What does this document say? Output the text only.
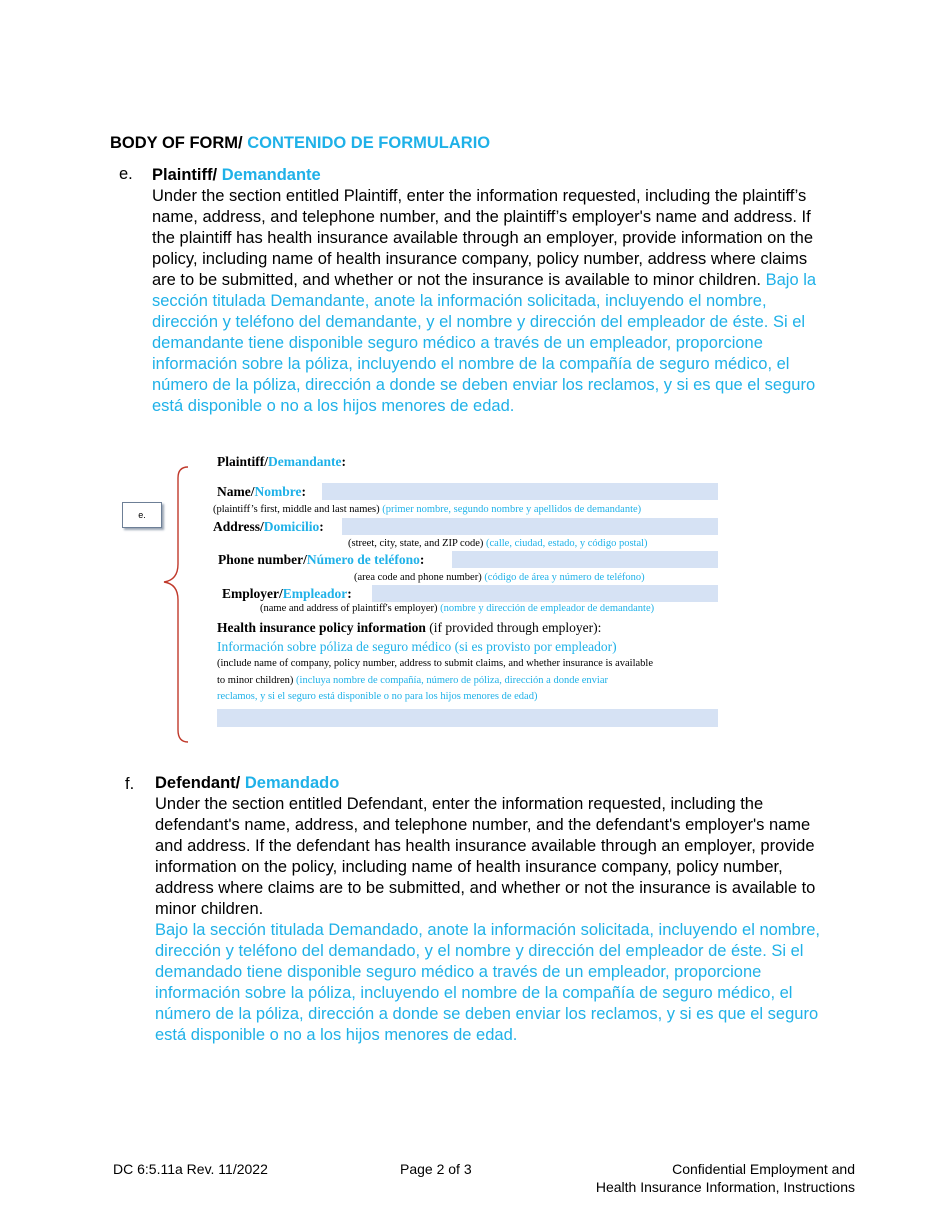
BODY OF FORM/ CONTENIDO DE FORMULARIO
e. Plaintiff/ Demandante

Under the section entitled Plaintiff, enter the information requested, including the plaintiff’s name, address, and telephone number, and the plaintiff’s employer's name and address. If the plaintiff has health insurance available through an employer, provide information on the policy, including name of health insurance company, policy number, address where claims are to be submitted, and whether or not the insurance is available to minor children. Bajo la sección titulada Demandante, anote la información solicitada, incluyendo el nombre, dirección y teléfono del demandante, y el nombre y dirección del empleador de éste. Si el demandante tiene disponible seguro médico a través de un empleador, proporcione información sobre la póliza, incluyendo el nombre de la compañía de seguro médico, el número de la póliza, dirección a donde se deben enviar los reclamos, y si es que el seguro está disponible o no a los hijos menores de edad.

e.
Plaintiff/Demandante:
Name/Nombre:
(plaintiff’s first, middle and last names) (primer nombre, segundo nombre y apellidos de demandante)
Address/Domicilio:
(street, city, state, and ZIP code) (calle, ciudad, estado, y código postal)
Phone number/Número de teléfono:
(area code and phone number) (código de área y número de teléfono)
Employer/Empleador:
(name and address of plaintiff's employer) (nombre y dirección de empleador de demandante)
Health insurance policy information (if provided through employer):
Información sobre póliza de seguro médico (si es provisto por empleador)
(include name of company, policy number, address to submit claims, and whether insurance is available
to minor children) (incluya nombre de compañía, número de póliza, dirección a donde enviar
reclamos, y si el seguro está disponible o no para los hijos menores de edad)
f. Defendant/ Demandado

Under the section entitled Defendant, enter the information requested, including the defendant's name, address, and telephone number, and the defendant's employer's name and address. If the defendant has health insurance available through an employer, provide information on the policy, including name of health insurance company, policy number, address where claims are to be submitted, and whether or not the insurance is available to minor children.

Bajo la sección titulada Demandado, anote la información solicitada, incluyendo el nombre, dirección y teléfono del demandado, y el nombre y dirección del empleador de éste. Si el demandado tiene disponible seguro médico a través de un empleador, proporcione información sobre la póliza, incluyendo el nombre de la compañía de seguro médico, el número de la póliza, dirección a donde se deben enviar los reclamos, y si es que el seguro está disponible o no a los hijos menores de edad.

DC 6:5.11a Rev. 11/2022	Page 2 of 3	Confidential Employment and
Health Insurance Information, Instructions
